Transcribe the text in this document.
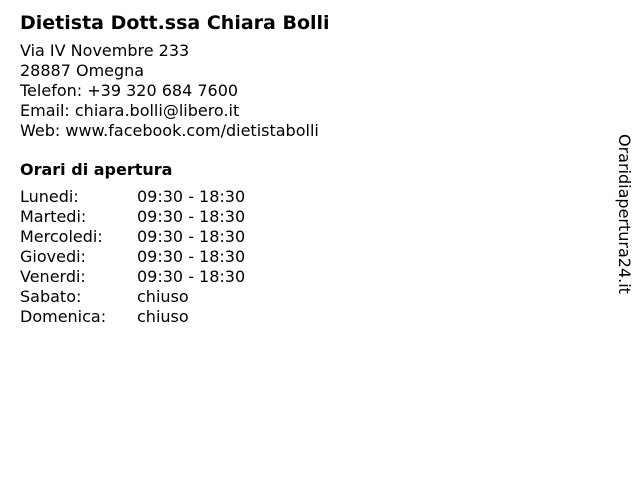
Dietista Dott.ssa Chiara Bolli
Via IV Novembre 233
28887 Omegna
Telefon: +39 320 684 7600
Email: chiara.bolli@libero.it
Web: www.facebook.com/dietistabolli
Orari di apertura
Lunedi:	09:30 - 18:30
Martedi:	09:30 - 18:30
Mercoledi:	09:30 - 18:30
Giovedi:	09:30 - 18:30
Venerdi:	09:30 - 18:30
Sabato:	chiuso
Domenica:	chiuso
Oraridiapertura24.it
